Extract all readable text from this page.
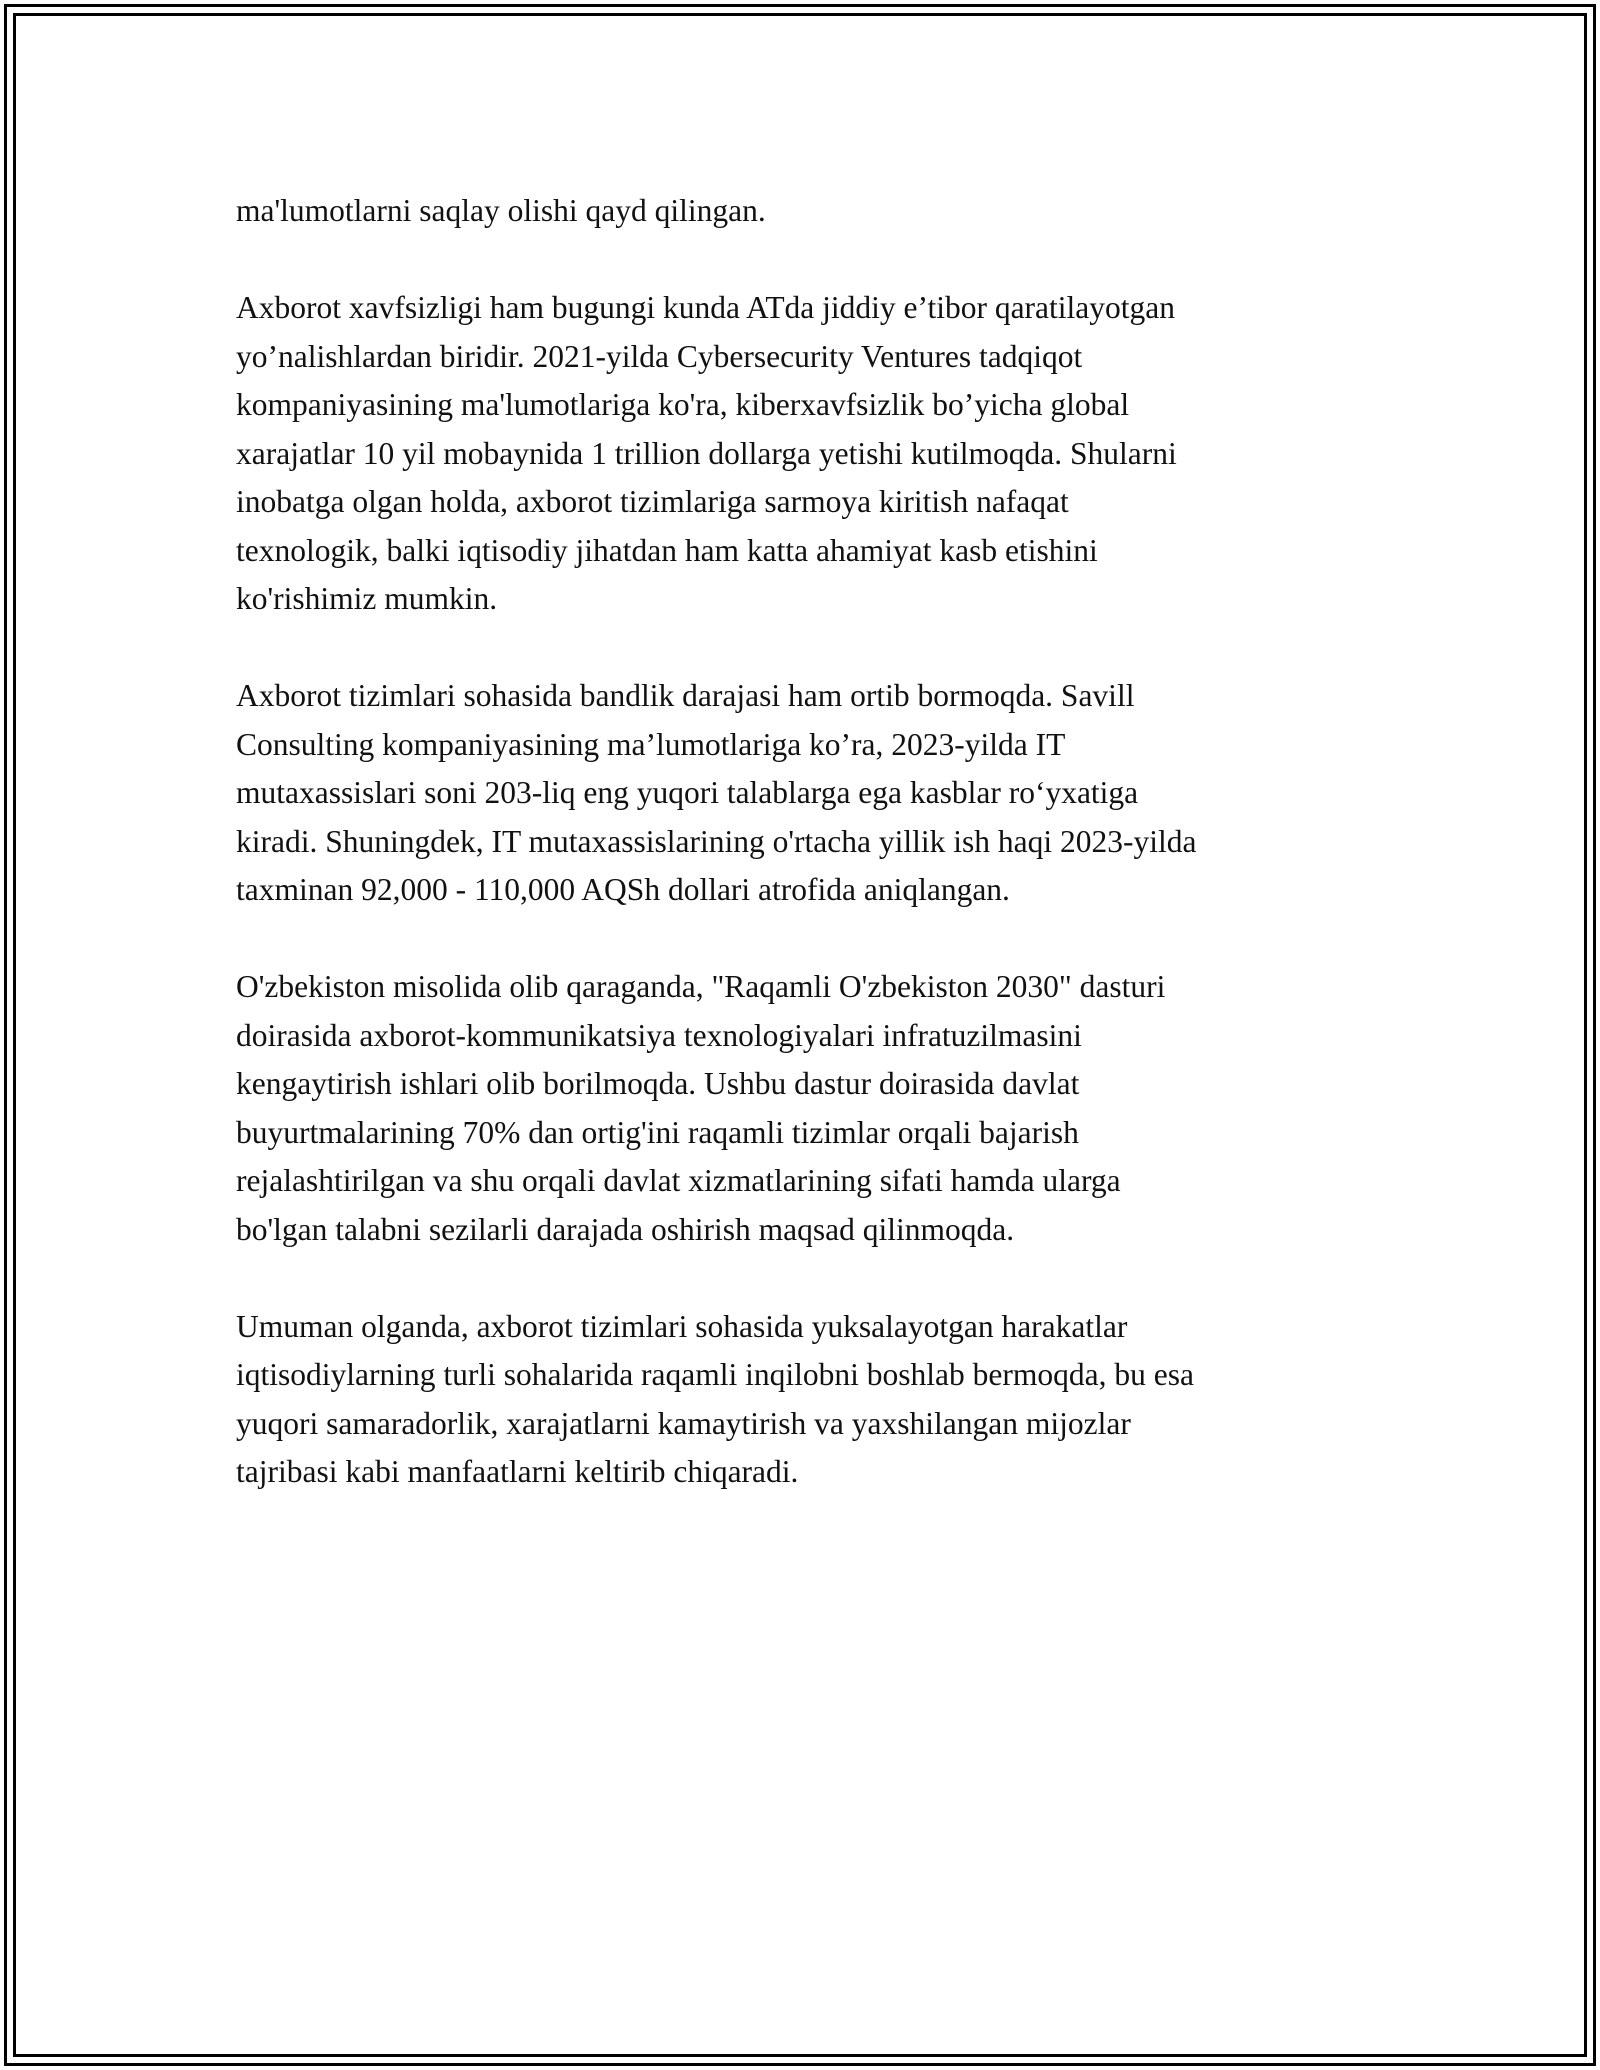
ma'lumotlarni saqlay olishi qayd qilingan.

Axborot xavfsizligi ham bugungi kunda ATda jiddiy e’tibor qaratilayotgan
yo’nalishlardan biridir. 2021-yilda Cybersecurity Ventures tadqiqot
kompaniyasining ma'lumotlariga ko'ra, kiberxavfsizlik bo’yicha global
xarajatlar 10 yil mobaynida 1 trillion dollarga yetishi kutilmoqda. Shularni
inobatga olgan holda, axborot tizimlariga sarmoya kiritish nafaqat
texnologik, balki iqtisodiy jihatdan ham katta ahamiyat kasb etishini
ko'rishimiz mumkin.

Axborot tizimlari sohasida bandlik darajasi ham ortib bormoqda. Savill
Consulting kompaniyasining ma’lumotlariga ko’ra, 2023-yilda IT
mutaxassislari soni 203-liq eng yuqori talablarga ega kasblar ro‘yxatiga
kiradi. Shuningdek, IT mutaxassislarining o'rtacha yillik ish haqi 2023-yilda
taxminan 92,000 - 110,000 AQSh dollari atrofida aniqlangan.

O'zbekiston misolida olib qaraganda, "Raqamli O'zbekiston 2030" dasturi
doirasida axborot-kommunikatsiya texnologiyalari infratuzilmasini
kengaytirish ishlari olib borilmoqda. Ushbu dastur doirasida davlat
buyurtmalarining 70% dan ortig'ini raqamli tizimlar orqali bajarish
rejalashtirilgan va shu orqali davlat xizmatlarining sifati hamda ularga
bo'lgan talabni sezilarli darajada oshirish maqsad qilinmoqda.

Umuman olganda, axborot tizimlari sohasida yuksalayotgan harakatlar
iqtisodiylarning turli sohalarida raqamli inqilobni boshlab bermoqda, bu esa
yuqori samaradorlik, xarajatlarni kamaytirish va yaxshilangan mijozlar
tajribasi kabi manfaatlarni keltirib chiqaradi.
